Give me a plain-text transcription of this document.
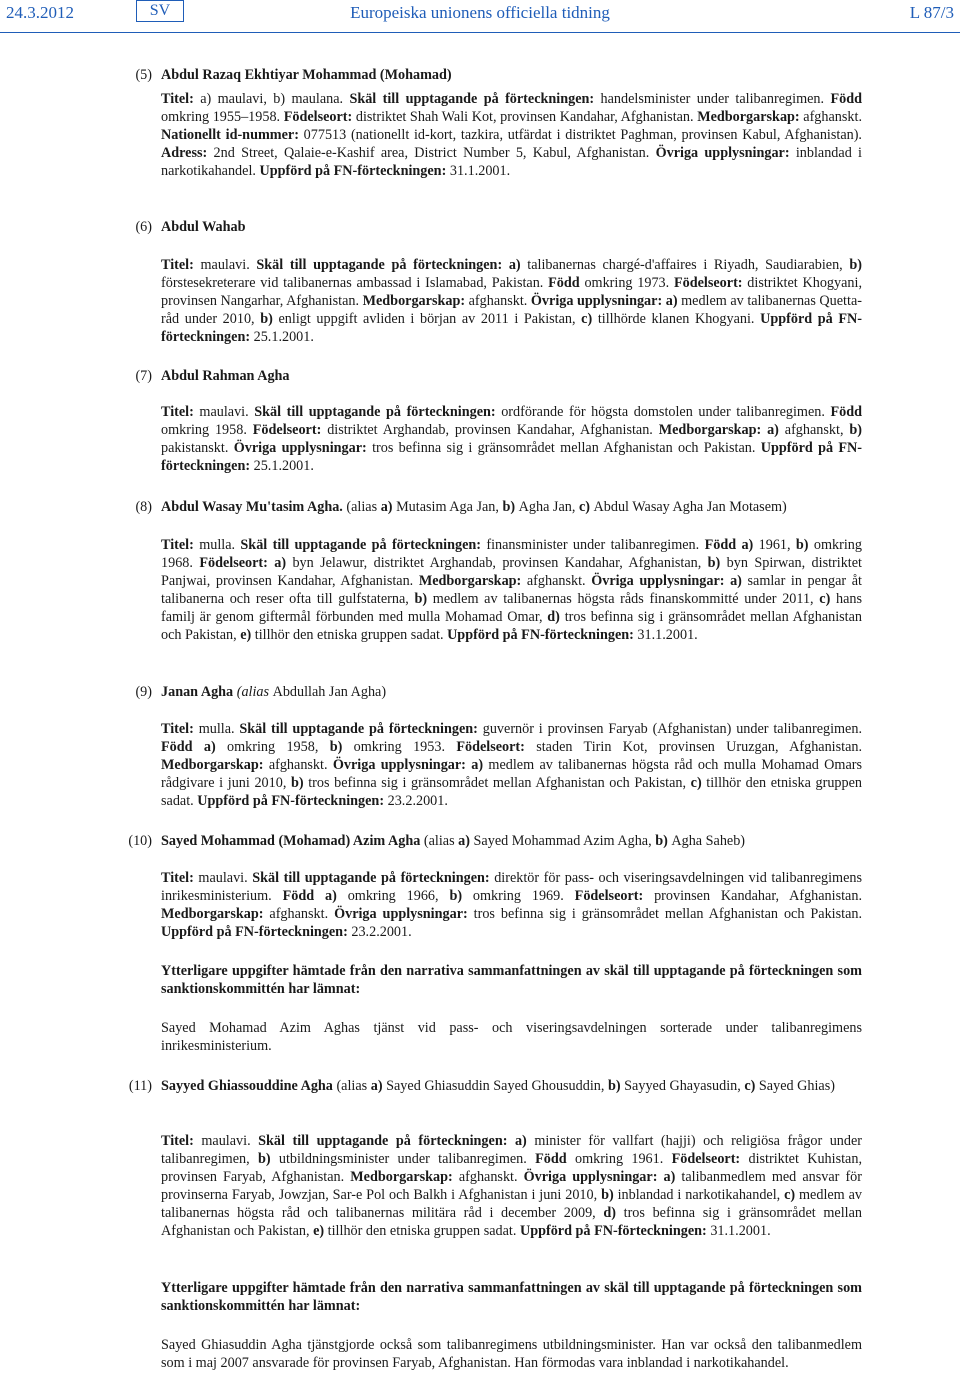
24.3.2012	SV	Europeiska unionens officiella tidning	L 87/3
(5) Abdul Razaq Ekhtiyar Mohammad (Mohamad)
Titel: a) maulavi, b) maulana. Skäl till upptagande på förteckningen: handelsminister under talibanregimen. Född omkring 1955–1958. Födelseort: distriktet Shah Wali Kot, provinsen Kandahar, Afghanistan. Medborgarskap: afghanskt. Nationellt id-nummer: 077513 (nationellt id-kort, tazkira, utfärdat i distriktet Paghman, provinsen Kabul, Afghanistan). Adress: 2nd Street, Qalaie-e-Kashif area, District Number 5, Kabul, Afghanistan. Övriga upplysningar: inblandad i narkotikahandel. Uppförd på FN-förteckningen: 31.1.2001.
(6) Abdul Wahab
Titel: maulavi. Skäl till upptagande på förteckningen: a) talibanernas chargé-d'affaires i Riyadh, Saudiarabien, b) förstesekreterare vid talibanernas ambassad i Islamabad, Pakistan. Född omkring 1973. Födelseort: distriktet Khogyani, provinsen Nangarhar, Afghanistan. Medborgarskap: afghanskt. Övriga upplysningar: a) medlem av talibanernas Quetta-råd under 2010, b) enligt uppgift avliden i början av 2011 i Pakistan, c) tillhörde klanen Khogyani. Uppförd på FN-förteckningen: 25.1.2001.
(7) Abdul Rahman Agha
Titel: maulavi. Skäl till upptagande på förteckningen: ordförande för högsta domstolen under talibanregimen. Född omkring 1958. Födelseort: distriktet Arghandab, provinsen Kandahar, Afghanistan. Medborgarskap: a) afghanskt, b) pakistanskt. Övriga upplysningar: tros befinna sig i gränsområdet mellan Afghanistan och Pakistan. Uppförd på FN-förteckningen: 25.1.2001.
(8) Abdul Wasay Mu'tasim Agha. (alias a) Mutasim Aga Jan, b) Agha Jan, c) Abdul Wasay Agha Jan Motasem)
Titel: mulla. Skäl till upptagande på förteckningen: finansminister under talibanregimen. Född a) 1961, b) omkring 1968. Födelseort: a) byn Jelawur, distriktet Arghandab, provinsen Kandahar, Afghanistan, b) byn Spirwan, distriktet Panjwai, provinsen Kandahar, Afghanistan. Medborgarskap: afghanskt. Övriga upplysningar: a) samlar in pengar åt talibanerna och reser ofta till gulfstaterna, b) medlem av talibanernas högsta råds finanskommitté under 2011, c) hans familj är genom giftermål förbunden med mulla Mohamad Omar, d) tros befinna sig i gränsområdet mellan Afghanistan och Pakistan, e) tillhör den etniska gruppen sadat. Uppförd på FN-förteckningen: 31.1.2001.
(9) Janan Agha (alias Abdullah Jan Agha)
Titel: mulla. Skäl till upptagande på förteckningen: guvernör i provinsen Faryab (Afghanistan) under talibanregimen. Född a) omkring 1958, b) omkring 1953. Födelseort: staden Tirin Kot, provinsen Uruzgan, Afghanistan. Medborgarskap: afghanskt. Övriga upplysningar: a) medlem av talibanernas högsta råd och mulla Mohamad Omars rådgivare i juni 2010, b) tros befinna sig i gränsområdet mellan Afghanistan och Pakistan, c) tillhör den etniska gruppen sadat. Uppförd på FN-förteckningen: 23.2.2001.
(10) Sayed Mohammad (Mohamad) Azim Agha (alias a) Sayed Mohammad Azim Agha, b) Agha Saheb)
Titel: maulavi. Skäl till upptagande på förteckningen: direktör för pass- och viseringsavdelningen vid talibanregimens inrikesministerium. Född a) omkring 1966, b) omkring 1969. Födelseort: provinsen Kandahar, Afghanistan. Medborgarskap: afghanskt. Övriga upplysningar: tros befinna sig i gränsområdet mellan Afghanistan och Pakistan. Uppförd på FN-förteckningen: 23.2.2001.
Ytterligare uppgifter hämtade från den narrativa sammanfattningen av skäl till upptagande på förteckningen som sanktionskommittén har lämnat:
Sayed Mohamad Azim Aghas tjänst vid pass- och viseringsavdelningen sorterade under talibanregimens inrikesministerium.
(11) Sayyed Ghiassouddine Agha (alias a) Sayed Ghiasuddin Sayed Ghousuddin, b) Sayyed Ghayasudin, c) Sayed Ghias)
Titel: maulavi. Skäl till upptagande på förteckningen: a) minister för vallfart (hajji) och religiösa frågor under talibanregimen, b) utbildningsminister under talibanregimen. Född omkring 1961. Födelseort: distriktet Kuhistan, provinsen Faryab, Afghanistan. Medborgarskap: afghanskt. Övriga upplysningar: a) talibanmedlem med ansvar för provinserna Faryab, Jowzjan, Sar-e Pol och Balkh i Afghanistan i juni 2010, b) inblandad i narkotikahandel, c) medlem av talibanernas högsta råd och talibanernas militära råd i december 2009, d) tros befinna sig i gränsområdet mellan Afghanistan och Pakistan, e) tillhör den etniska gruppen sadat. Uppförd på FN-förteckningen: 31.1.2001.
Ytterligare uppgifter hämtade från den narrativa sammanfattningen av skäl till upptagande på förteckningen som sanktionskommittén har lämnat:
Sayed Ghiasuddin Agha tjänstgjorde också som talibanregimens utbildningsminister. Han var också den talibanmedlem som i maj 2007 ansvarade för provinsen Faryab, Afghanistan. Han förmodas vara inblandad i narkotikahandel.
